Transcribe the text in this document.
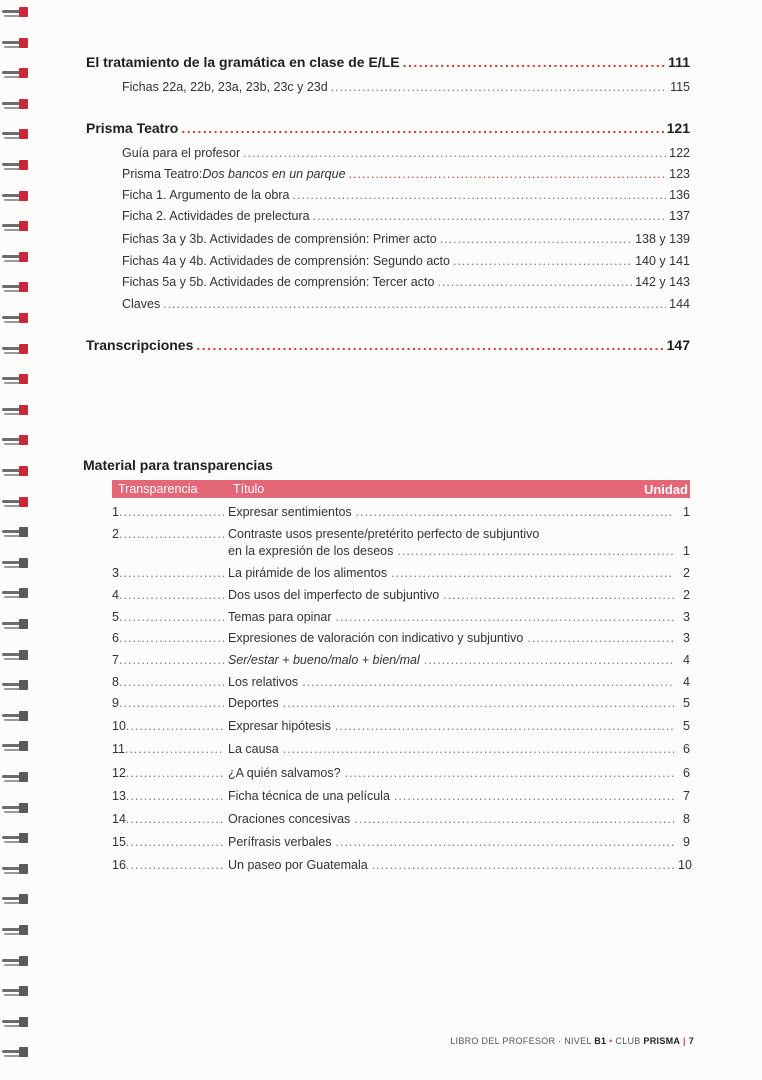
El tratamiento de la gramática en clase de E/LE .....	111
Fichas 22a, 22b, 23a, 23b, 23c y 23d .....	115
Prisma Teatro .....	121
Guía para el profesor .....	122
Prisma Teatro: Dos bancos en un parque .....	123
Ficha 1. Argumento de la obra .....	136
Ficha 2. Actividades de prelectura .....	137
Fichas 3a y 3b. Actividades de comprensión: Primer acto .....	138 y 139
Fichas 4a y 4b. Actividades de comprensión: Segundo acto .....	140 y 141
Fichas 5a y 5b. Actividades de comprensión: Tercer acto .....	142 y 143
Claves .....	144
Transcripciones .....	147
Material para transparencias
Transparencia	Título	Unidad
1 .....	Expresar sentimientos .....	1
2 .....	Contraste usos presente/pretérito perfecto de subjuntivo
en la expresión de los deseos .....	1
3 .....	La pirámide de los alimentos .....	2
4 .....	Dos usos del imperfecto de subjuntivo .....	2
5 .....	Temas para opinar .....	3
6 .....	Expresiones de valoración con indicativo y subjuntivo .....	3
7 .....	Ser/estar + bueno/malo + bien/mal .....	4
8 .....	Los relativos .....	4
9 .....	Deportes .....	5
10 .....	Expresar hipótesis .....	5
11 .....	La causa .....	6
12 .....	¿A quién salvamos? .....	6
13 .....	Ficha técnica de una película .....	7
14 .....	Oraciones concesivas .....	8
15 .....	Perífrasis verbales .....	9
16 .....	Un paseo por Guatemala .....	10
LIBRO DEL PROFESOR · NIVEL B1 • CLUB PRISMA | 7
